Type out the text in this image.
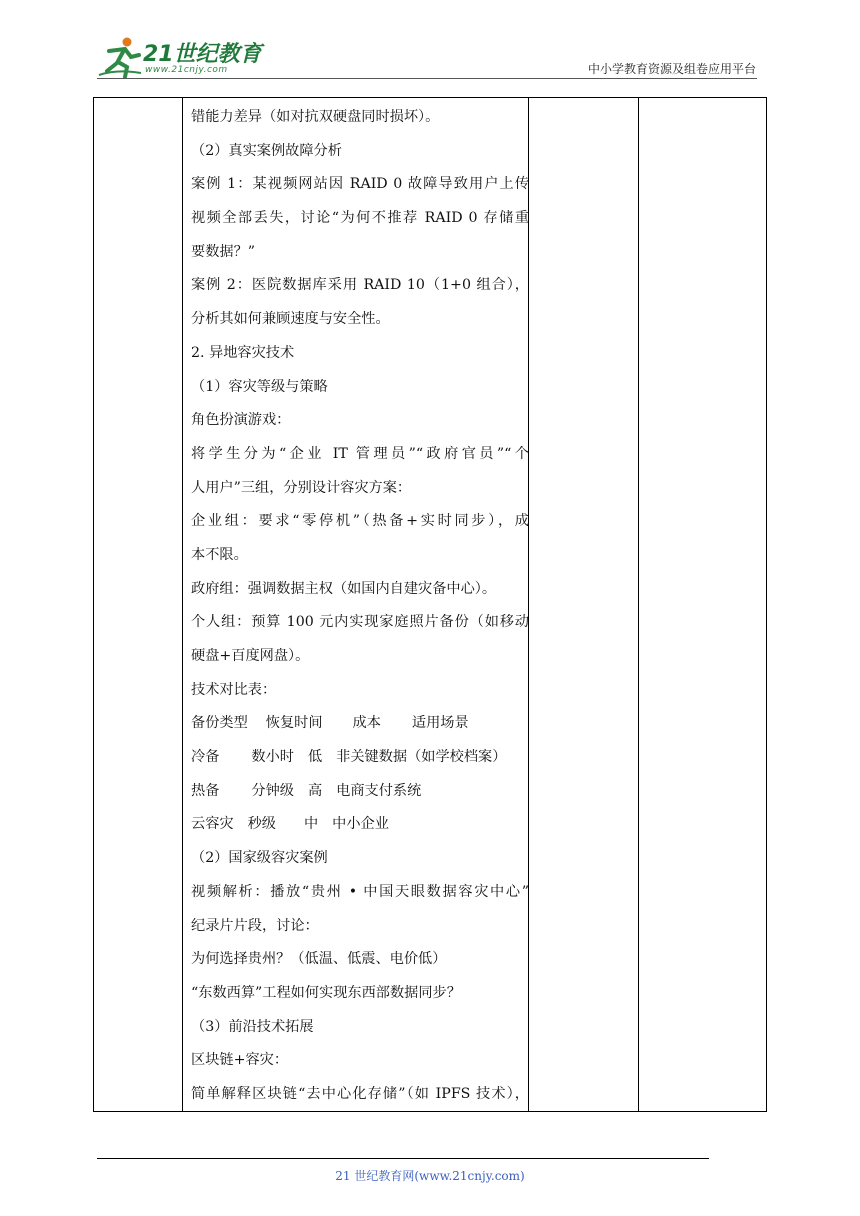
21世纪教育
www.21cnjy.com	中小学教育资源及组卷应用平台
错能力差异（如对抗双硬盘同时损坏）。
（2）真实案例故障分析
案例 1：某视频网站因 RAID 0 故障导致用户上传
视频全部丢失，讨论“为何不推荐 RAID 0 存储重
要数据？”
案例 2：医院数据库采用 RAID 10（1+0 组合），
分析其如何兼顾速度与安全性。
2. 异地容灾技术
（1）容灾等级与策略
角色扮演游戏：
将学生分为“企业 IT 管理员”“政府官员”“个
人用户”三组，分别设计容灾方案：
企业组：要求“零停机”（热备+实时同步），成
本不限。
政府组：强调数据主权（如国内自建灾备中心）。
个人组：预算 100 元内实现家庭照片备份（如移动
硬盘+百度网盘）。
技术对比表：
备份类型 恢复时间 成本 适用场景
冷备 数小时 低 非关键数据（如学校档案）
热备 分钟级 高 电商支付系统
云容灾 秒级 中 中小企业
（2）国家级容灾案例
视频解析：播放“贵州 • 中国天眼数据容灾中心”
纪录片片段，讨论：
为何选择贵州？（低温、低震、电价低）
“东数西算”工程如何实现东西部数据同步？
（3）前沿技术拓展
区块链+容灾：
简单解释区块链“去中心化存储”（如 IPFS 技术），
21 世纪教育网(www.21cnjy.com)
